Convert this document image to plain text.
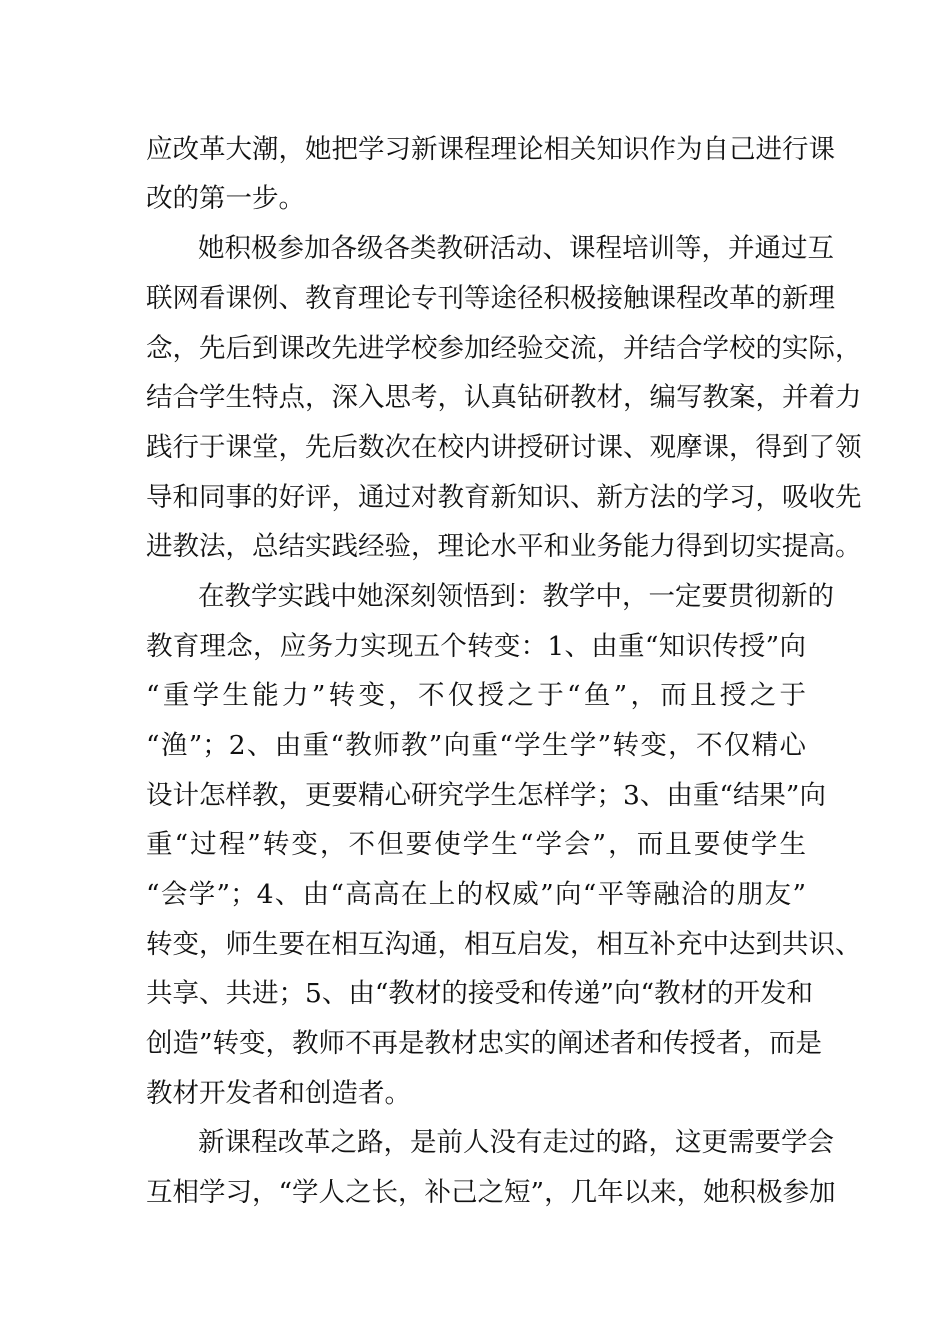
应改革大潮，她把学习新课程理论相关知识作为自己进行课
改的第一步。
她积极参加各级各类教研活动、课程培训等，并通过互
联网看课例、教育理论专刊等途径积极接触课程改革的新理
念，先后到课改先进学校参加经验交流，并结合学校的实际，
结合学生特点，深入思考，认真钻研教材，编写教案，并着力
践行于课堂，先后数次在校内讲授研讨课、观摩课，得到了领
导和同事的好评，通过对教育新知识、新方法的学习，吸收先
进教法，总结实践经验，理论水平和业务能力得到切实提高。
在教学实践中她深刻领悟到：教学中，一定要贯彻新的
教育理念，应务力实现五个转变：1、由重“知识传授”向
“重学生能力”转变，不仅授之于“鱼”，而且授之于
“渔”；2、由重“教师教”向重“学生学”转变，不仅精心
设计怎样教，更要精心研究学生怎样学；3、由重“结果”向
重“过程”转变，不但要使学生“学会”，而且要使学生
“会学”；4、由“高高在上的权威”向“平等融洽的朋友”
转变，师生要在相互沟通，相互启发，相互补充中达到共识、
共享、共进；5、由“教材的接受和传递”向“教材的开发和
创造”转变，教师不再是教材忠实的阐述者和传授者，而是
教材开发者和创造者。
新课程改革之路，是前人没有走过的路，这更需要学会
互相学习，“学人之长，补己之短”，几年以来，她积极参加
